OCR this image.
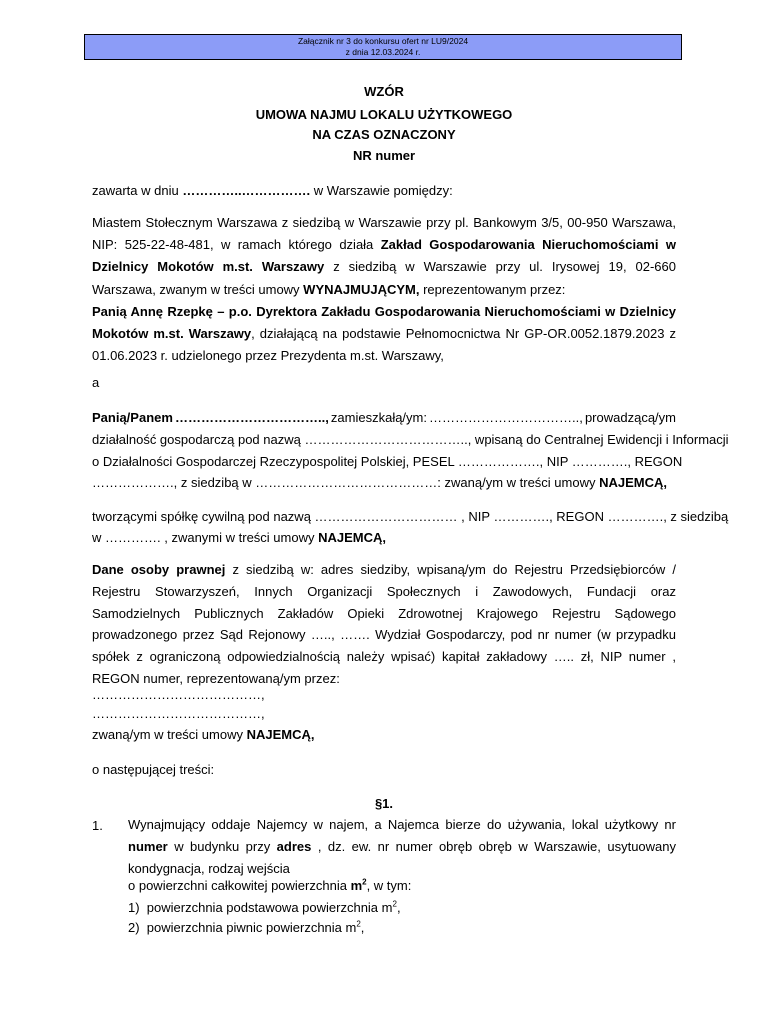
Załącznik nr 3 do konkursu ofert nr LU9/2024
z dnia 12.03.2024 r.
WZÓR
UMOWA NAJMU LOKALU UŻYTKOWEGO
NA CZAS OZNACZONY
NR numer
zawarta w dniu …………..……………. w Warszawie pomiędzy:
Miastem Stołecznym Warszawa z siedzibą w Warszawie przy pl. Bankowym 3/5, 00-950 Warszawa, NIP: 525-22-48-481, w ramach którego działa Zakład Gospodarowania Nieruchomościami w Dzielnicy Mokotów m.st. Warszawy z siedzibą w Warszawie przy ul. Irysowej 19, 02-660 Warszawa, zwanym w treści umowy WYNAJMUJĄCYM, reprezentowanym przez:
Panią Annę Rzepkę – p.o. Dyrektora Zakładu Gospodarowania Nieruchomościami w Dzielnicy Mokotów m.st. Warszawy, działającą na podstawie Pełnomocnictwa Nr GP-OR.0052.1879.2023 z 01.06.2023 r. udzielonego przez Prezydenta m.st. Warszawy,
a
Panią/Panem …………………………….., zamieszkałą/ym: …………………………….., prowadzącą/ym
działalność gospodarczą pod nazwą ……………………………….., wpisaną do Centralnej Ewidencji i Informacji
o Działalności Gospodarczej Rzeczypospolitej Polskiej, PESEL ………………., NIP …………., REGON
………………., z siedzibą w ……………………………………: zwaną/ym w treści umowy NAJEMCĄ,
tworzącymi spółkę cywilną pod nazwą …………………………… , NIP …………., REGON …………. , z siedzibą
w …………. , zwanymi w treści umowy NAJEMCĄ,
Dane osoby prawnej z siedzibą w: adres siedziby, wpisaną/ym do Rejestru Przedsiębiorców / Rejestru Stowarzyszeń, Innych Organizacji Społecznych i Zawodowych, Fundacji oraz Samodzielnych Publicznych Zakładów Opieki Zdrowotnej Krajowego Rejestru Sądowego prowadzonego przez Sąd Rejonowy ….., ……. Wydział Gospodarczy, pod nr numer (w przypadku spółek z ograniczoną odpowiedzialnością należy wpisać) kapitał zakładowy ….. zł, NIP numer , REGON numer, reprezentowaną/ym przez:
…………………………………,
…………………………………,
zwaną/ym w treści umowy NAJEMCĄ,
o następującej treści:
§1.
1. Wynajmujący oddaje Najemcy w najem, a Najemca bierze do używania, lokal użytkowy nr numer w budynku przy adres , dz. ew. nr numer obręb obręb w Warszawie, usytuowany kondygnacja, rodzaj wejścia
o powierzchni całkowitej powierzchnia $m^2$, w tym:
1) powierzchnia podstawowa powierzchnia $m^2$,
2) powierzchnia piwnic powierzchnia $m^2$,
